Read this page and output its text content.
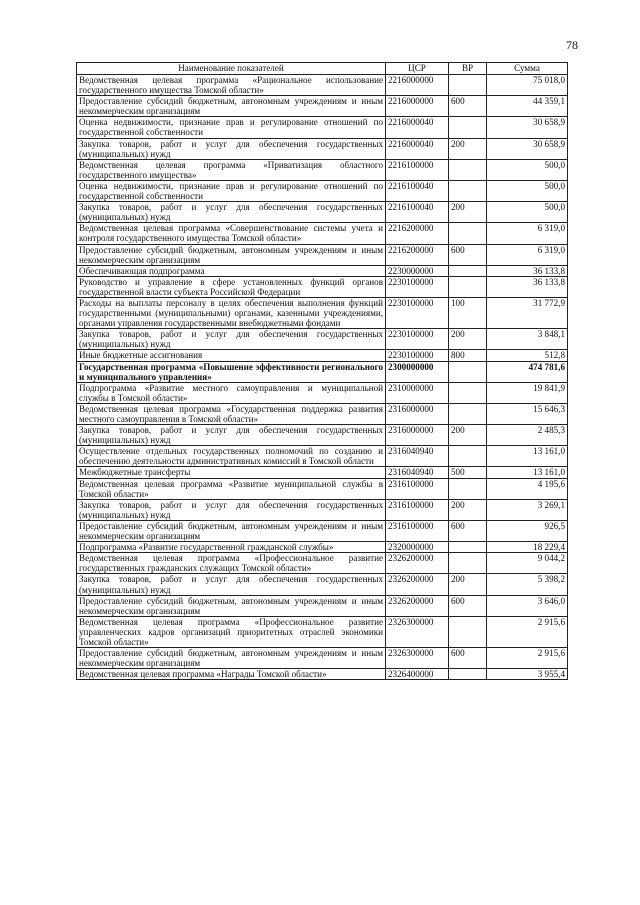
78
Наименование показателей	ЦСР	ВР	Сумма
Ведомственная целевая программа «Рациональное использование государственного имущества Томской области»	2216000000		75 018,0
Предоставление субсидий бюджетным, автономным учреждениям и иным некоммерческим организациям	2216000000	600	44 359,1
Оценка недвижимости, признание прав и регулирование отношений по государственной собственности	2216000040		30 658,9
Закупка товаров, работ и услуг для обеспечения государственных (муниципальных) нужд	2216000040	200	30 658,9
Ведомственная целевая программа «Приватизация областного государственного имущества»	2216100000		500,0
Оценка недвижимости, признание прав и регулирование отношений по государственной собственности	2216100040		500,0
Закупка товаров, работ и услуг для обеспечения государственных (муниципальных) нужд	2216100040	200	500,0
Ведомственная целевая программа «Совершенствование системы учета и контроля государственного имущества Томской области»	2216200000		6 319,0
Предоставление субсидий бюджетным, автономным учреждениям и иным некоммерческим организациям	2216200000	600	6 319,0
Обеспечивающая подпрограмма	2230000000		36 133,8
Руководство и управление в сфере установленных функций органов государственной власти субъекта Российской Федерации	2230100000		36 133,8
Расходы на выплаты персоналу в целях обеспечения выполнения функций государственными (муниципальными) органами, казенными учреждениями, органами управления государственными внебюджетными фондами	2230100000	100	31 772,9
Закупка товаров, работ и услуг для обеспечения государственных (муниципальных) нужд	2230100000	200	3 848,1
Иные бюджетные ассигнования	2230100000	800	512,8
Государственная программа «Повышение эффективности регионального и муниципального управления»	2300000000		474 781,6
Подпрограмма «Развитие местного самоуправления и муниципальной службы в Томской области»	2310000000		19 841,9
Ведомственная целевая программа «Государственная поддержка развития местного самоуправления в Томской области»	2316000000		15 646,3
Закупка товаров, работ и услуг для обеспечения государственных (муниципальных) нужд	2316000000	200	2 485,3
Осуществление отдельных государственных полномочий по созданию и обеспечению деятельности административных комиссий в Томской области	2316040940		13 161,0
Межбюджетные трансферты	2316040940	500	13 161,0
Ведомственная целевая программа «Развитие муниципальной службы в Томской области»	2316100000		4 195,6
Закупка товаров, работ и услуг для обеспечения государственных (муниципальных) нужд	2316100000	200	3 269,1
Предоставление субсидий бюджетным, автономным учреждениям и иным некоммерческим организациям	2316100000	600	926,5
Подпрограмма «Развитие государственной гражданской службы»	2320000000		18 229,4
Ведомственная целевая программа «Профессиональное развитие государственных гражданских служащих Томской области»	2326200000		9 044,2
Закупка товаров, работ и услуг для обеспечения государственных (муниципальных) нужд	2326200000	200	5 398,2
Предоставление субсидий бюджетным, автономным учреждениям и иным некоммерческим организациям	2326200000	600	3 646,0
Ведомственная целевая программа «Профессиональное развитие управленческих кадров организаций приоритетных отраслей экономики Томской области»	2326300000		2 915,6
Предоставление субсидий бюджетным, автономным учреждениям и иным некоммерческим организациям	2326300000	600	2 915,6
Ведомственная целевая программа «Награды Томской области»	2326400000		3 955,4
